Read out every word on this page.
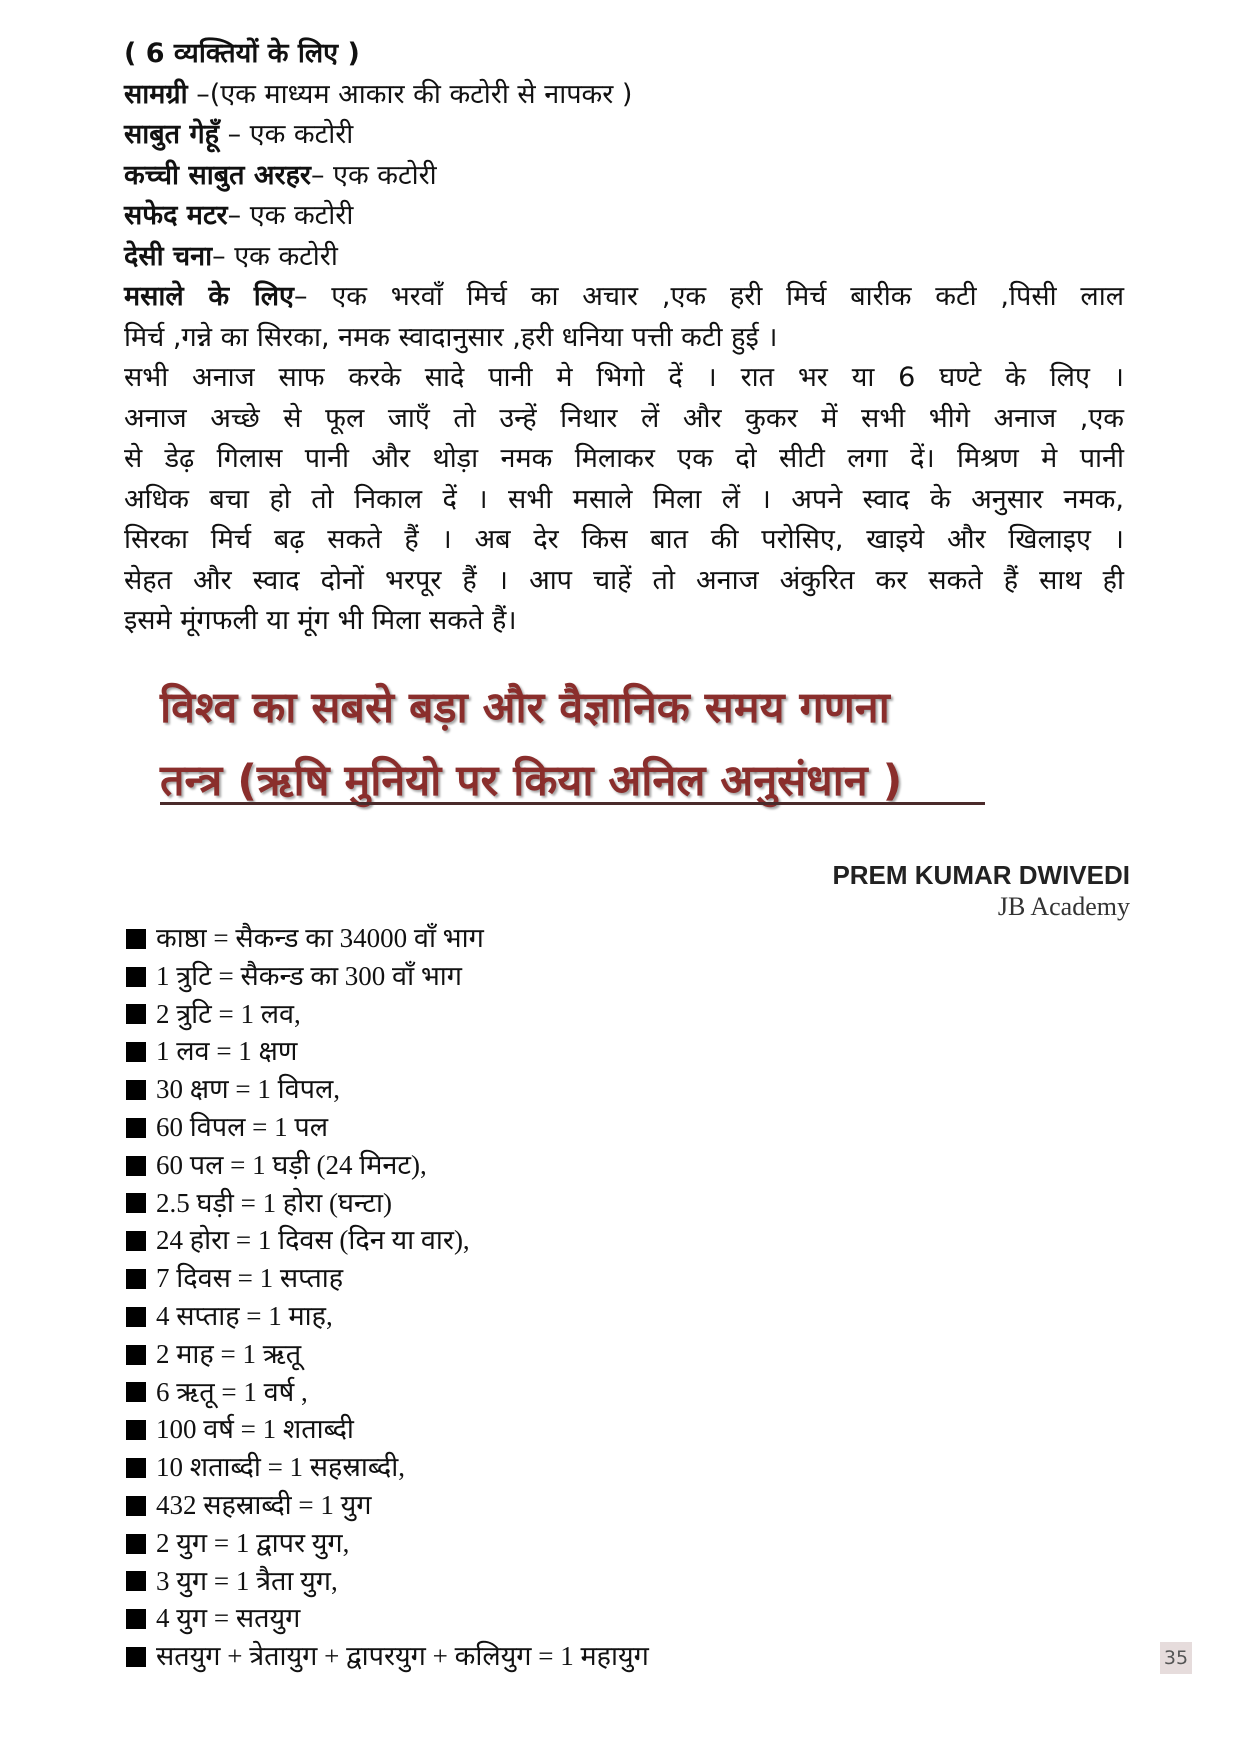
( 6 व्यक्तियों के लिए )
सामग्री –(एक माध्यम आकार की कटोरी से नापकर )
साबुत गेहूँ – एक कटोरी
कच्ची साबुत अरहर– एक कटोरी
सफेद मटर– एक कटोरी
देसी चना– एक कटोरी
मसाले के लिए– एक भरवाँ मिर्च का अचार ,एक हरी मिर्च बारीक कटी ,पिसी लाल
मिर्च ,गन्ने का सिरका, नमक स्वादानुसार ,हरी धनिया पत्ती कटी हुई ।
सभी अनाज साफ करके सादे पानी मे भिगो दें । रात भर या 6 घण्टे के लिए ।
अनाज अच्छे से फूल जाएँ तो उन्हें निथार लें और कुकर में सभी भीगे अनाज ,एक
से डेढ़ गिलास पानी और थोड़ा नमक मिलाकर एक दो सीटी लगा दें। मिश्रण मे पानी
अधिक बचा हो तो निकाल दें । सभी मसाले मिला लें । अपने स्वाद के अनुसार नमक,
सिरका मिर्च बढ़ सकते हैं । अब देर किस बात की परोसिए, खाइये और खिलाइए ।
सेहत और स्वाद दोनों भरपूर हैं । आप चाहें तो अनाज अंकुरित कर सकते हैं साथ ही
इसमे मूंगफली या मूंग भी मिला सकते हैं।
विश्व का सबसे बड़ा और वैज्ञानिक समय गणना
तन्त्र (ऋषि मुनियो पर किया अनिल अनुसंधान )
PREM KUMAR DWIVEDI
JB Academy
काष्ठा = सैकन्ड का 34000 वाँ भाग
1 त्रुटि = सैकन्ड का 300 वाँ भाग
2 त्रुटि = 1 लव,
1 लव = 1 क्षण
30 क्षण = 1 विपल,
60 विपल = 1 पल
60 पल = 1 घड़ी (24 मिनट),
2.5 घड़ी = 1 होरा (घन्टा)
24 होरा = 1 दिवस (दिन या वार),
7 दिवस = 1 सप्ताह
4 सप्ताह = 1 माह,
2 माह = 1 ऋतू
6 ऋतू = 1 वर्ष ,
100 वर्ष = 1 शताब्दी
10 शताब्दी = 1 सहस्राब्दी,
432 सहस्राब्दी = 1 युग
2 युग = 1 द्वापर युग,
3 युग = 1 त्रैता युग,
4 युग = सतयुग
सतयुग + त्रेतायुग + द्वापरयुग + कलियुग = 1 महायुग	35
